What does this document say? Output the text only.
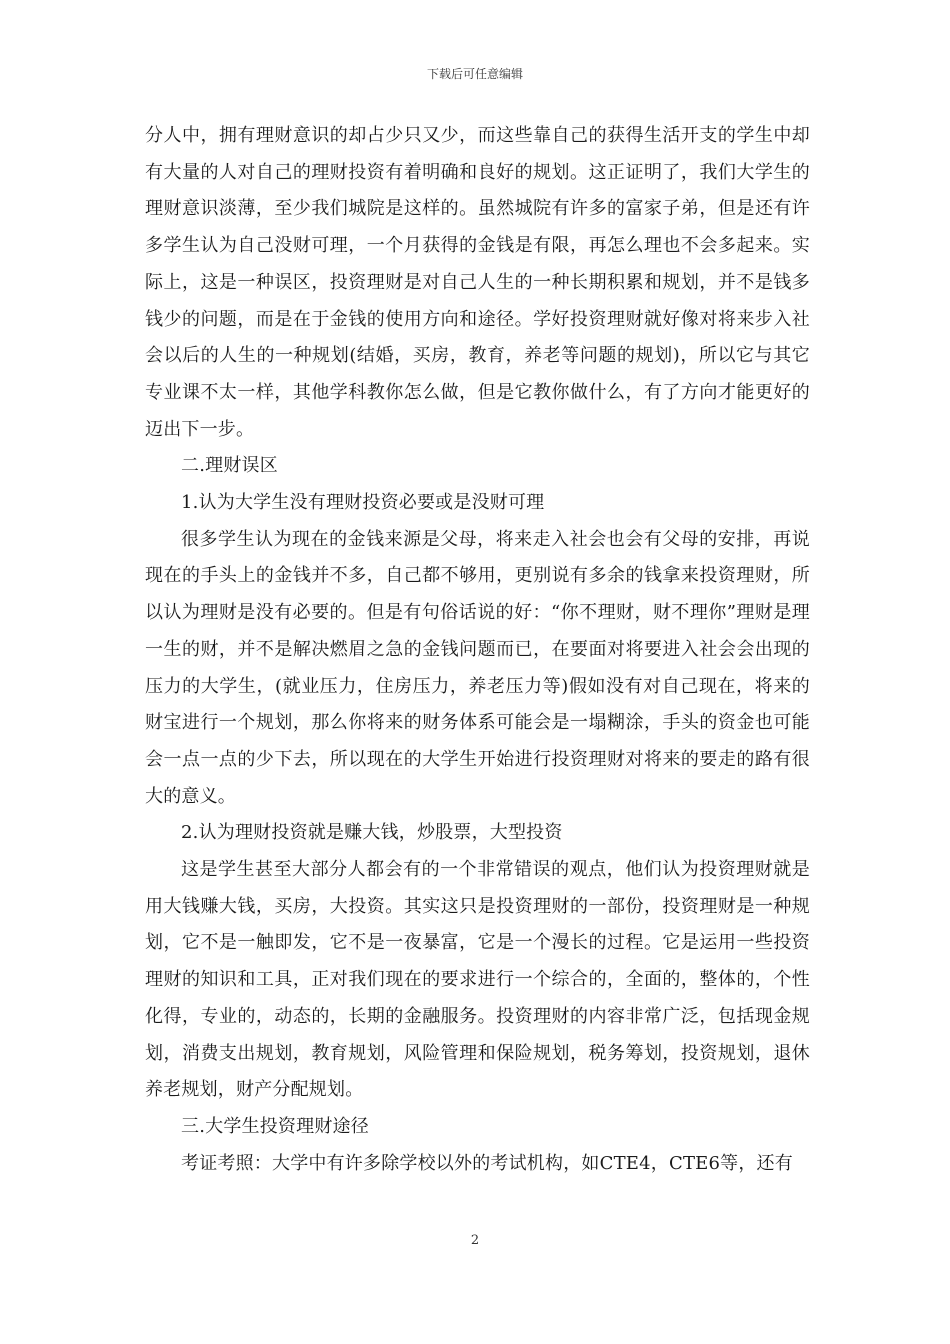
下载后可任意编辑

分人中，拥有理财意识的却占少只又少，而这些靠自己的获得生活开支的学生中却有大量的人对自己的理财投资有着明确和良好的规划。这正证明了，我们大学生的理财意识淡薄，至少我们城院是这样的。虽然城院有许多的富家子弟，但是还有许多学生认为自己没财可理，一个月获得的金钱是有限，再怎么理也不会多起来。实际上，这是一种误区，投资理财是对自己人生的一种长期积累和规划，并不是钱多钱少的问题，而是在于金钱的使用方向和途径。学好投资理财就好像对将来步入社会以后的人生的一种规划(结婚，买房，教育，养老等问题的规划)，所以它与其它专业课不太一样，其他学科教你怎么做，但是它教你做什么，有了方向才能更好的迈出下一步。

二.理财误区

1.认为大学生没有理财投资必要或是没财可理

很多学生认为现在的金钱来源是父母，将来走入社会也会有父母的安排，再说现在的手头上的金钱并不多，自己都不够用，更别说有多余的钱拿来投资理财，所以认为理财是没有必要的。但是有句俗话说的好：“你不理财，财不理你”理财是理一生的财，并不是解决燃眉之急的金钱问题而已，在要面对将要进入社会会出现的压力的大学生，(就业压力，住房压力，养老压力等)假如没有对自己现在，将来的财宝进行一个规划，那么你将来的财务体系可能会是一塌糊涂，手头的资金也可能会一点一点的少下去，所以现在的大学生开始进行投资理财对将来的要走的路有很大的意义。

2.认为理财投资就是赚大钱，炒股票，大型投资

这是学生甚至大部分人都会有的一个非常错误的观点，他们认为投资理财就是用大钱赚大钱，买房，大投资。其实这只是投资理财的一部份，投资理财是一种规划，它不是一触即发，它不是一夜暴富，它是一个漫长的过程。它是运用一些投资理财的知识和工具，正对我们现在的要求进行一个综合的，全面的，整体的，个性化得，专业的，动态的，长期的金融服务。投资理财的内容非常广泛，包括现金规划，消费支出规划，教育规划，风险管理和保险规划，税务筹划，投资规划，退休养老规划，财产分配规划。

三.大学生投资理财途径

考证考照：大学中有许多除学校以外的考试机构，如CTE4，CTE6等，还有

2
